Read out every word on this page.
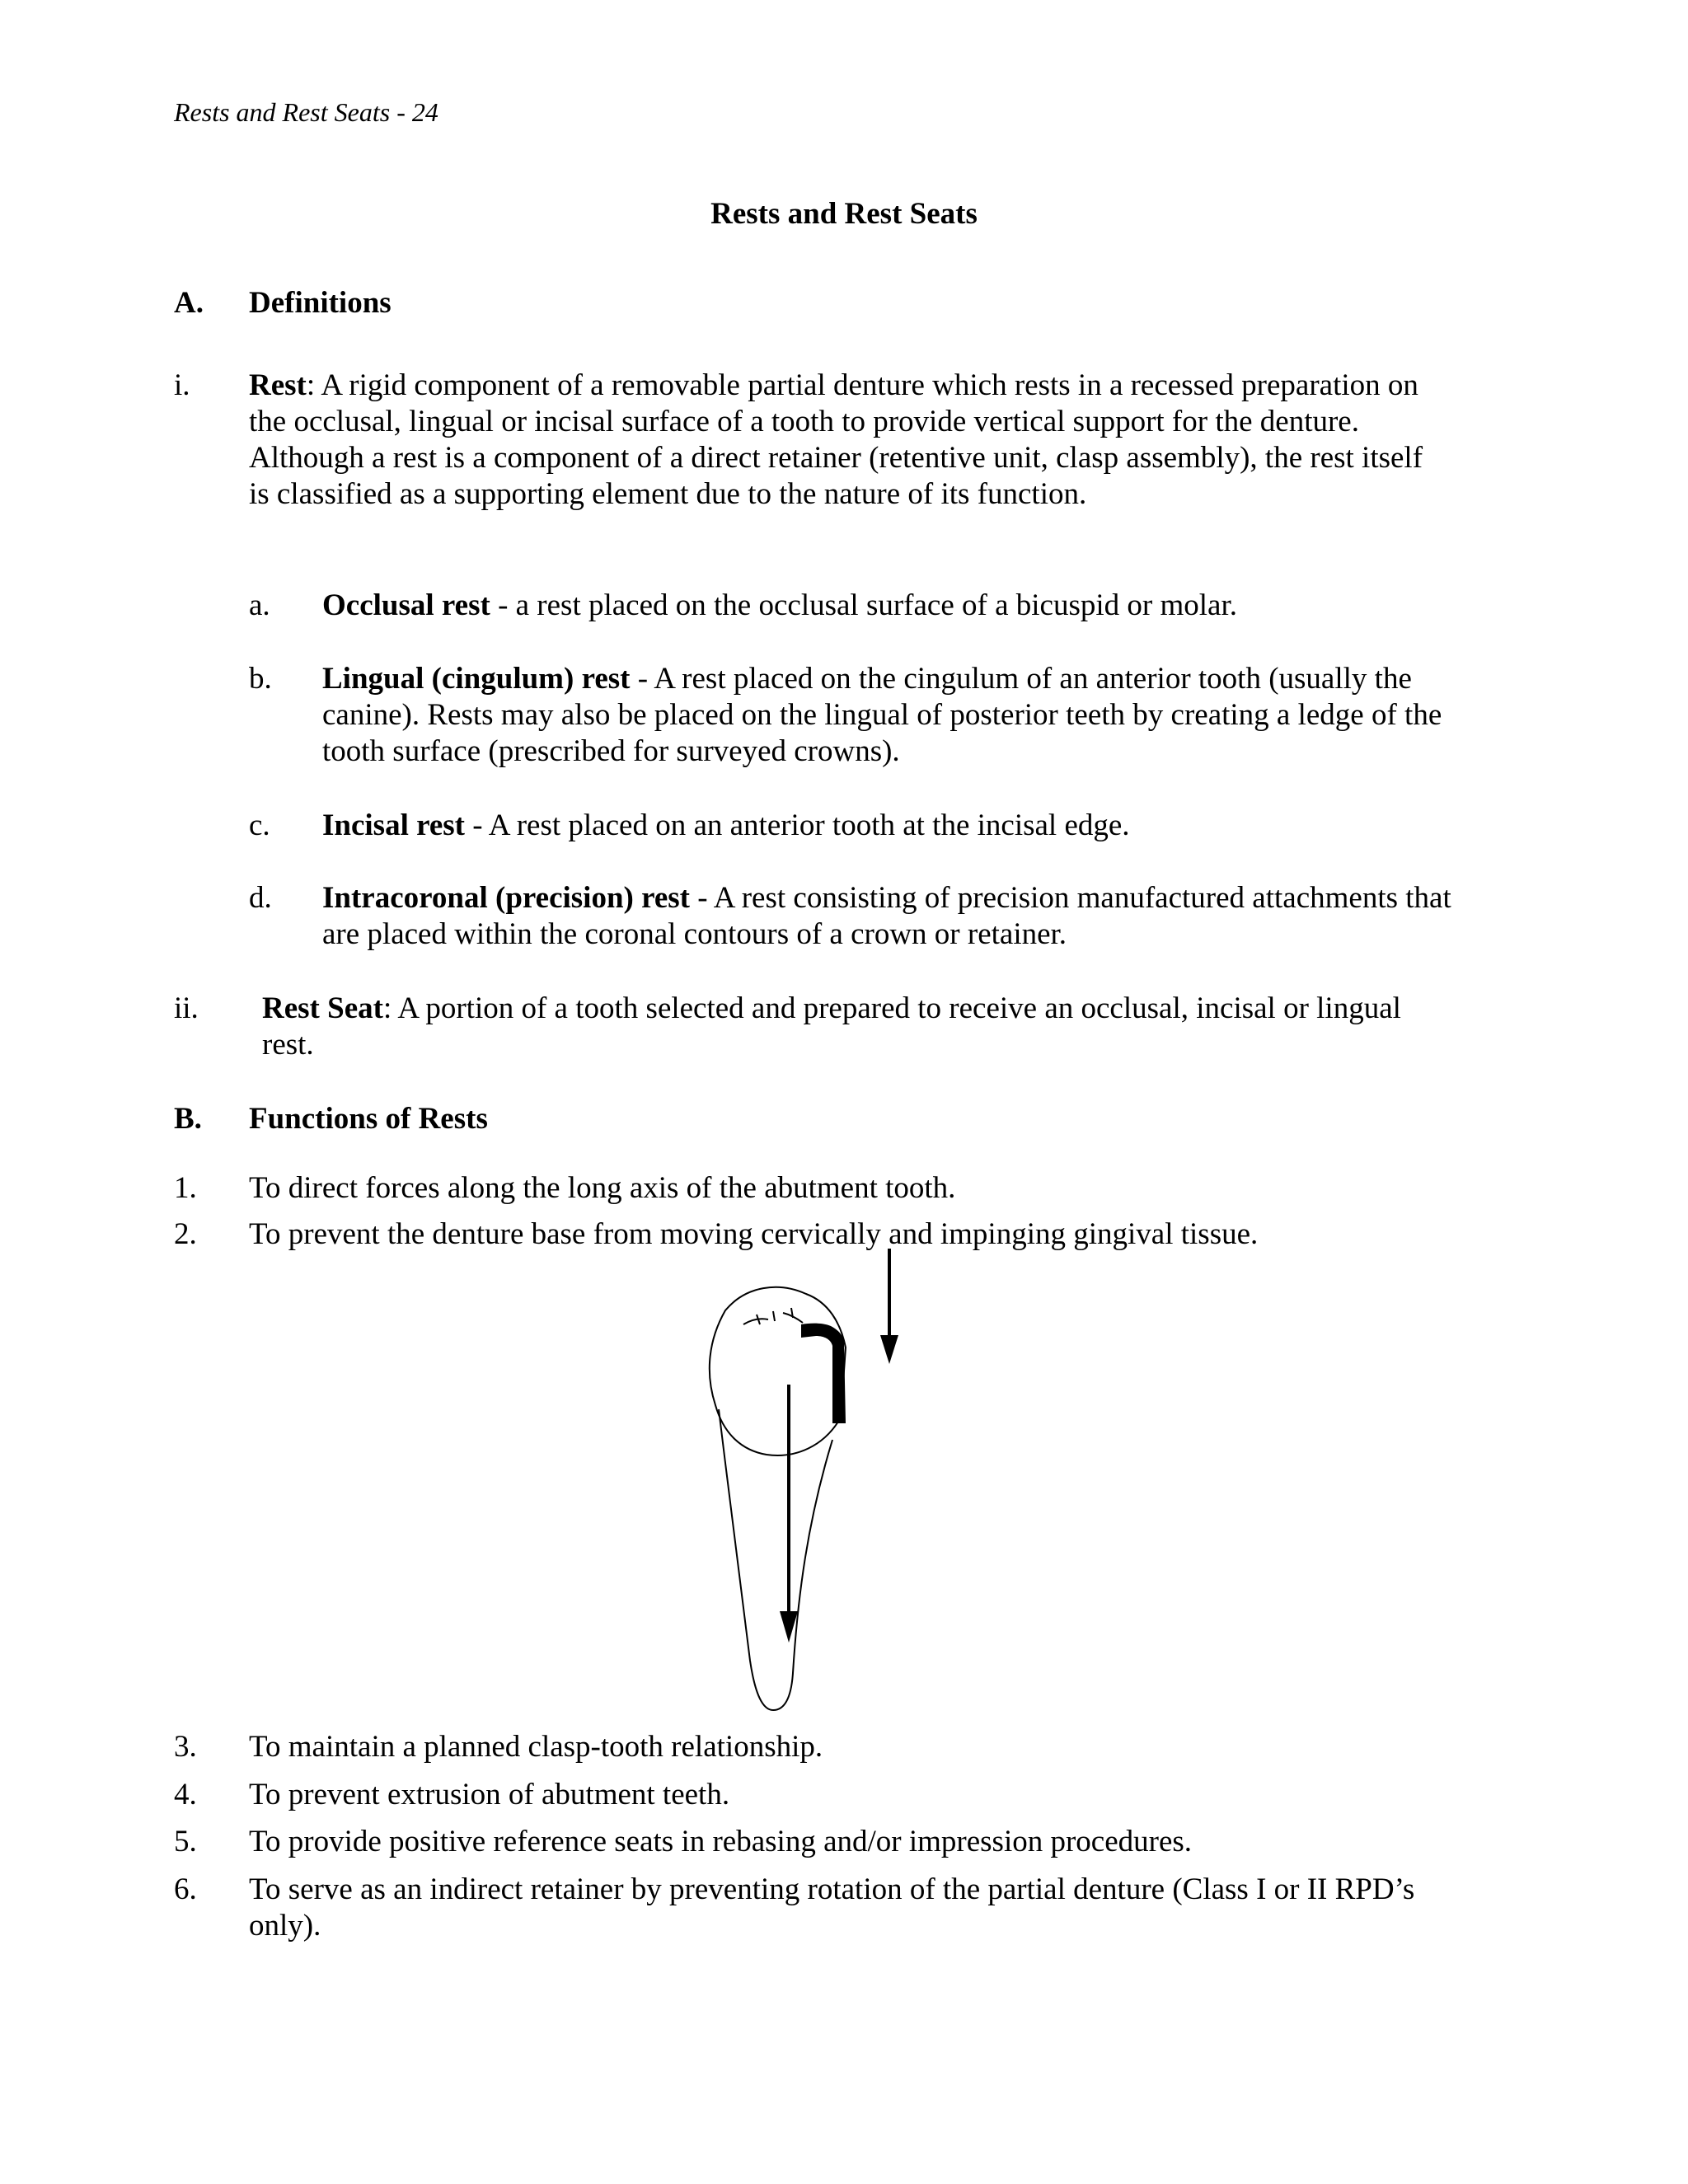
Rests and Rest Seats - 24
Rests and Rest Seats
A. Definitions
i. Rest: A rigid component of a removable partial denture which rests in a recessed preparation on the occlusal, lingual or incisal surface of a tooth to provide vertical support for the denture. Although a rest is a component of a direct retainer (retentive unit, clasp assembly), the rest itself is classified as a supporting element due to the nature of its function.
a. Occlusal rest - a rest placed on the occlusal surface of a bicuspid or molar.
b. Lingual (cingulum) rest - A rest placed on the cingulum of an anterior tooth (usually the canine). Rests may also be placed on the lingual of posterior teeth by creating a ledge of the tooth surface (prescribed for surveyed crowns).
c. Incisal rest - A rest placed on an anterior tooth at the incisal edge.
d. Intracoronal (precision) rest - A rest consisting of precision manufactured attachments that are placed within the coronal contours of a crown or retainer.
ii. Rest Seat: A portion of a tooth selected and prepared to receive an occlusal, incisal or lingual rest.
B. Functions of Rests
1. To direct forces along the long axis of the abutment tooth.
2. To prevent the denture base from moving cervically and impinging gingival tissue.
3. To maintain a planned clasp-tooth relationship.
4. To prevent extrusion of abutment teeth.
5. To provide positive reference seats in rebasing and/or impression procedures.
6. To serve as an indirect retainer by preventing rotation of the partial denture (Class I or II RPD’s only).
